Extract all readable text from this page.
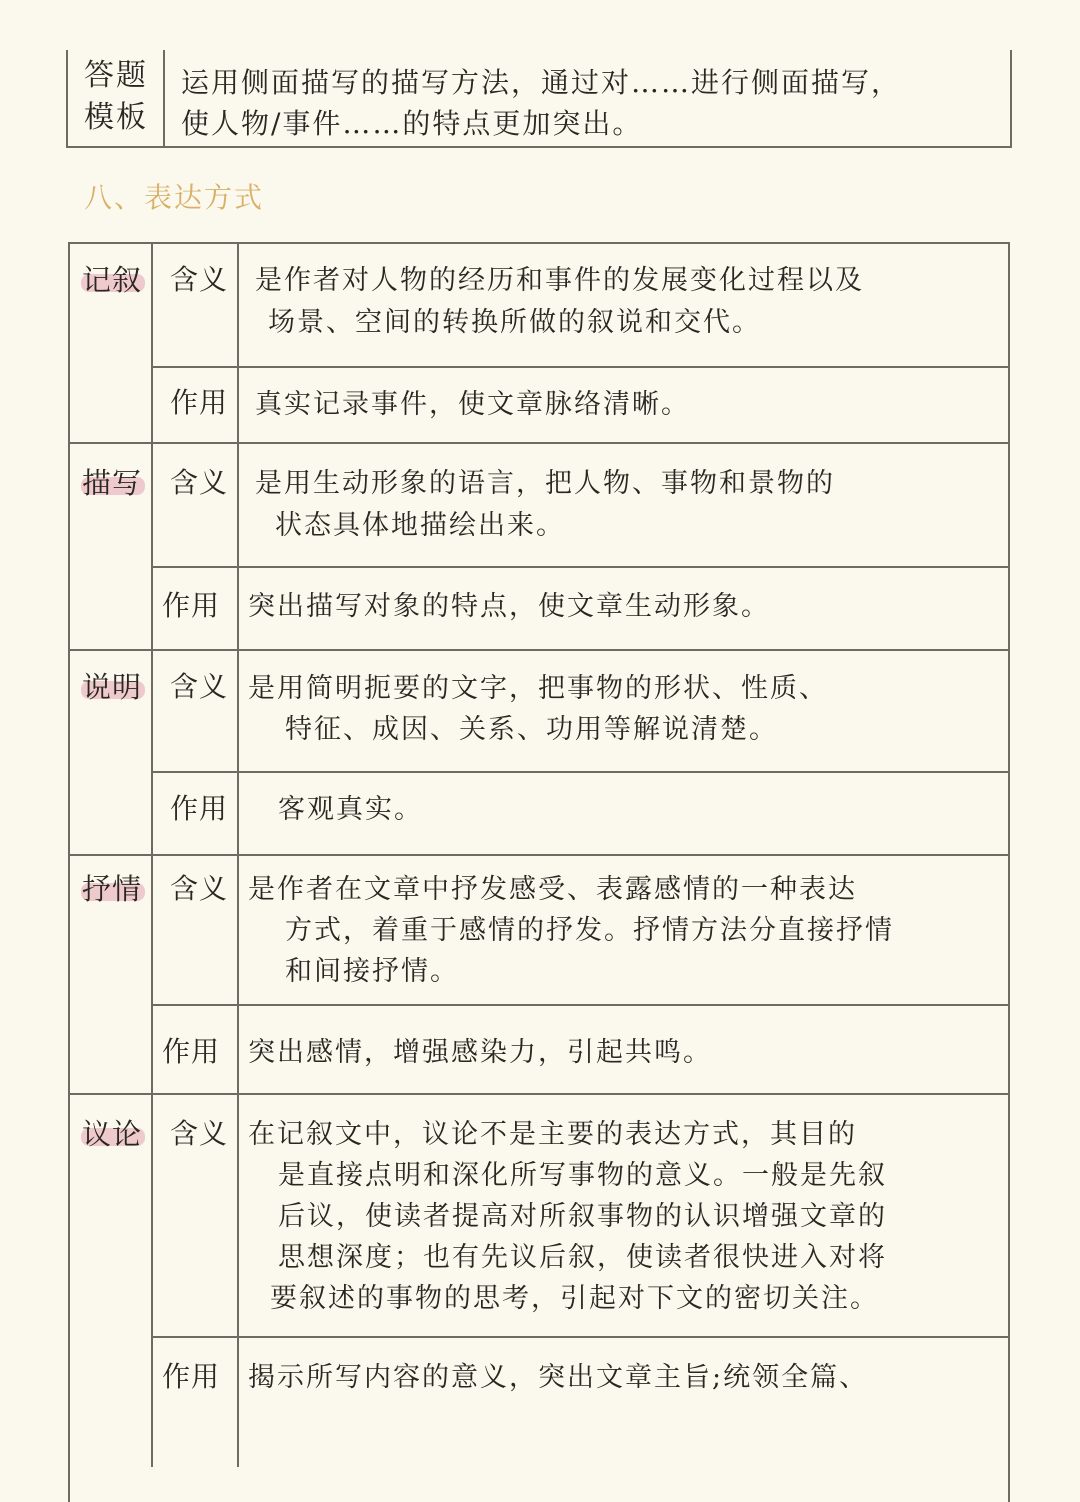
答题
模板
运用侧面描写的描写方法，通过对……进行侧面描写，
使人物/事件……的特点更加突出。
八、表达方式
记叙 含义 是作者对人物的经历和事件的发展变化过程以及
场景、空间的转换所做的叙说和交代。
作用 真实记录事件，使文章脉络清晰。
描写 含义 是用生动形象的语言，把人物、事物和景物的
状态具体地描绘出来。
作用 突出描写对象的特点，使文章生动形象。
说明 含义 是用简明扼要的文字，把事物的形状、性质、
特征、成因、关系、功用等解说清楚。
作用 客观真实。
抒情 含义 是作者在文章中抒发感受、表露感情的一种表达
方式，着重于感情的抒发。抒情方法分直接抒情
和间接抒情。
作用 突出感情，增强感染力，引起共鸣。
议论 含义 在记叙文中，议论不是主要的表达方式，其目的
是直接点明和深化所写事物的意义。一般是先叙
后议，使读者提高对所叙事物的认识增强文章的
思想深度；也有先议后叙，使读者很快进入对将
要叙述的事物的思考，引起对下文的密切关注。
作用 揭示所写内容的意义，突出文章主旨;统领全篇、
